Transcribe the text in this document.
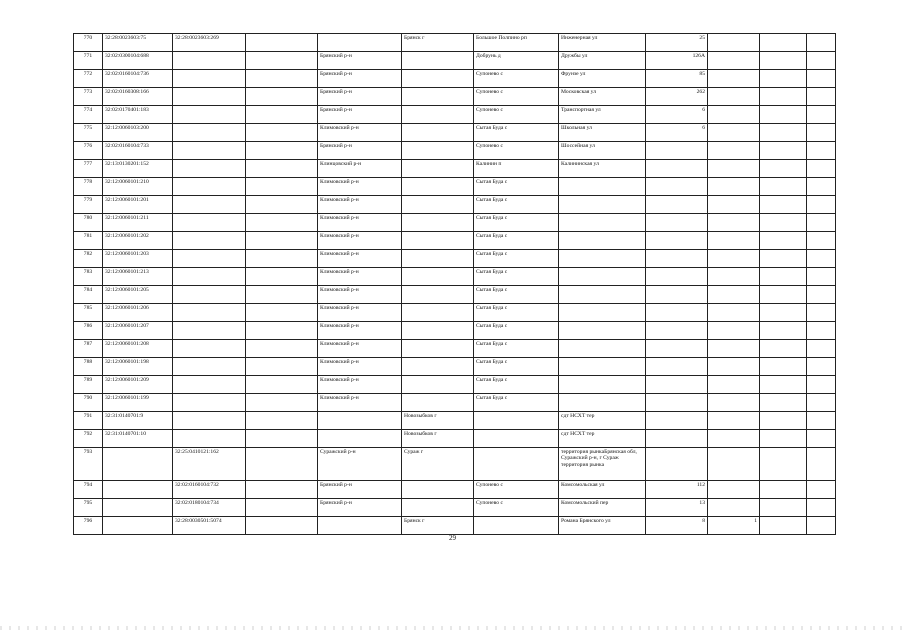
770	32:28:0023603:75	32:28:0023603:269			Брянск г	Большое Полпино рп	Инженерная ул	25			
771	32:02:0300104:688			Брянский р-н		Добрунь д	Дружбы ул	126А			
772	32:02:0160104:736			Брянский р-н		Супонево с	Фрунзе ул	85			
773	32:02:0160308:166			Брянский р-н		Супонево с	Московская ул	262			
774	32:02:0170401:183			Брянский р-н		Супонево с	Транспортная ул	6			
775	32:12:0060103:200			Климовский р-н		Сытая Буда с	Школьная ул	6			
776	32:02:0160104:733			Брянский р-н		Супонево с	Шоссейная ул				
777	32:13:0130201:152			Клинцовский р-н		Калинин п	Калининская ул				
778	32:12:0060101:210			Климовский р-н		Сытая Буда с					
779	32:12:0060101:201			Климовский р-н		Сытая Буда с					
780	32:12:0060101:211			Климовский р-н		Сытая Буда с					
781	32:12:0060101:202			Климовский р-н		Сытая Буда с					
782	32:12:0060101:203			Климовский р-н		Сытая Буда с					
783	32:12:0060101:213			Климовский р-н		Сытая Буда с					
784	32:12:0060101:205			Климовский р-н		Сытая Буда с					
785	32:12:0060101:206			Климовский р-н		Сытая Буда с					
786	32:12:0060101:207			Климовский р-н		Сытая Буда с					
787	32:12:0060101:208			Климовский р-н		Сытая Буда с					
788	32:12:0060101:198			Климовский р-н		Сытая Буда с					
789	32:12:0060101:209			Климовский р-н		Сытая Буда с					
790	32:12:0060101:199			Климовский р-н		Сытая Буда с					
791	32:31:0140701:9				Новозыбков г		сдт НСХТ тер				
792	32:31:0140701:10				Новозыбков г		сдт НСХТ тер				
793		32:25:0410121:162		Суражский р-н	Сураж г		территория рынкаБрянская обл, Суражский р-н, г Сураж территория рынка				
794		32:02:0160104:732		Брянский р-н		Супонево с	Комсомольская ул	112			
795		32:02:0180104:734		Брянский р-н		Супонево с	Комсомольский пер	13			
796		32:28:0030501:5074			Брянск г		Романа Брянского ул	8	1		
29
